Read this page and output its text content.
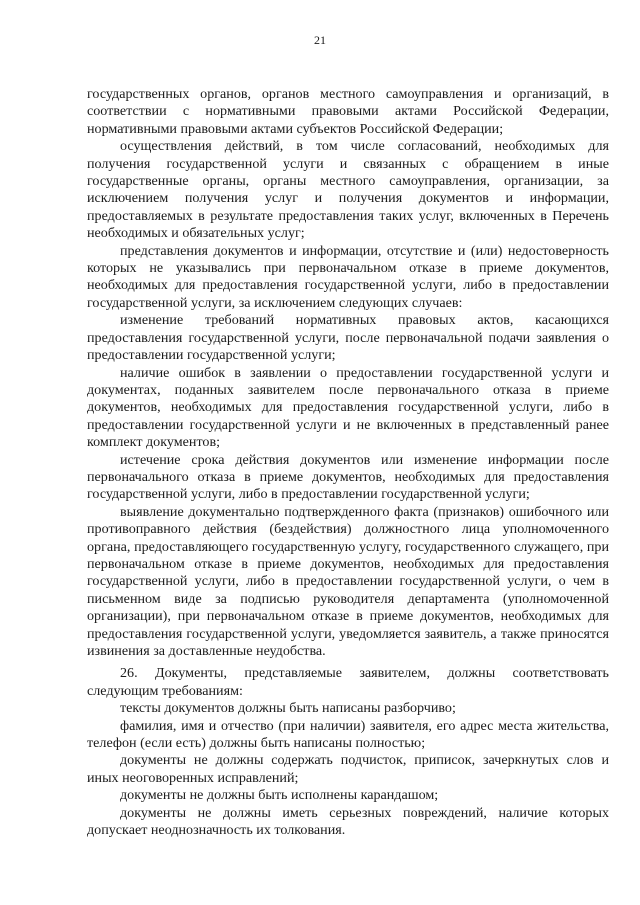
21

государственных органов, органов местного самоуправления и организаций, в соответствии с нормативными правовыми актами Российской Федерации, нормативными правовыми актами субъектов Российской Федерации;

осуществления действий, в том числе согласований, необходимых для получения государственной услуги и связанных с обращением в иные государственные органы, органы местного самоуправления, организации, за исключением получения услуг и получения документов и информации, предоставляемых в результате предоставления таких услуг, включенных в Перечень необходимых и обязательных услуг;

представления документов и информации, отсутствие и (или) недостоверность которых не указывались при первоначальном отказе в приеме документов, необходимых для предоставления государственной услуги, либо в предоставлении государственной услуги, за исключением следующих случаев:

изменение требований нормативных правовых актов, касающихся предоставления государственной услуги, после первоначальной подачи заявления о предоставлении государственной услуги;

наличие ошибок в заявлении о предоставлении государственной услуги и документах, поданных заявителем после первоначального отказа в приеме документов, необходимых для предоставления государственной услуги, либо в предоставлении государственной услуги и не включенных в представленный ранее комплект документов;

истечение срока действия документов или изменение информации после первоначального отказа в приеме документов, необходимых для предоставления государственной услуги, либо в предоставлении государственной услуги;

выявление документально подтвержденного факта (признаков) ошибочного или противоправного действия (бездействия) должностного лица уполномоченного органа, предоставляющего государственную услугу, государственного служащего, при первоначальном отказе в приеме документов, необходимых для предоставления государственной услуги, либо в предоставлении государственной услуги, о чем в письменном виде за подписью руководителя департамента (уполномоченной организации), при первоначальном отказе в приеме документов, необходимых для предоставления государственной услуги, уведомляется заявитель, а также приносятся извинения за доставленные неудобства.

26. Документы, представляемые заявителем, должны соответствовать следующим требованиям:

тексты документов должны быть написаны разборчиво;

фамилия, имя и отчество (при наличии) заявителя, его адрес места жительства, телефон (если есть) должны быть написаны полностью;

документы не должны содержать подчисток, приписок, зачеркнутых слов и иных неоговоренных исправлений;

документы не должны быть исполнены карандашом;

документы не должны иметь серьезных повреждений, наличие которых допускает неоднозначность их толкования.
